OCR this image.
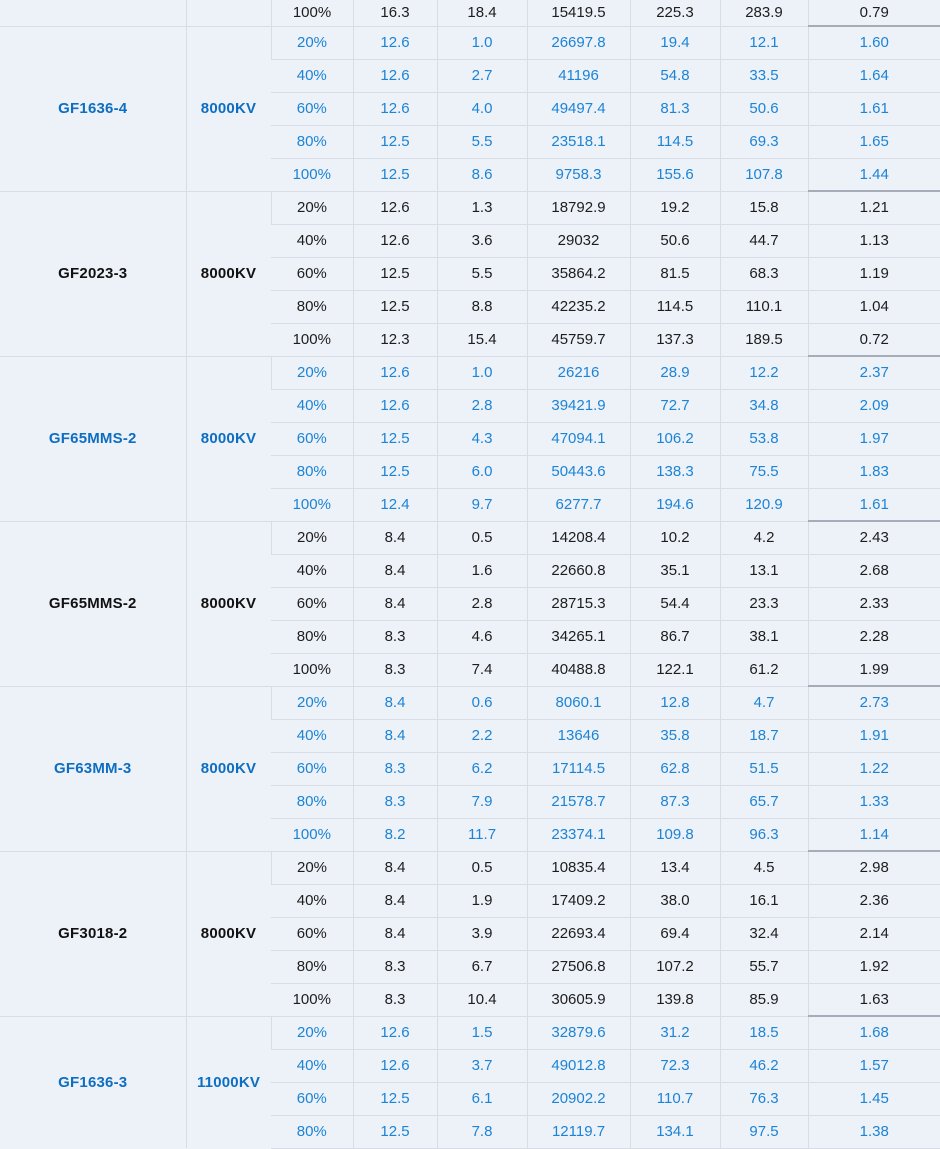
		100%	16.3	18.4	15419.5	225.3	283.9	0.79
GF1636-4	8000KV	20%	12.6	1.0	26697.8	19.4	12.1	1.60
		40%	12.6	2.7	41196	54.8	33.5	1.64
		60%	12.6	4.0	49497.4	81.3	50.6	1.61
		80%	12.5	5.5	23518.1	114.5	69.3	1.65
		100%	12.5	8.6	9758.3	155.6	107.8	1.44
GF2023-3	8000KV	20%	12.6	1.3	18792.9	19.2	15.8	1.21
		40%	12.6	3.6	29032	50.6	44.7	1.13
		60%	12.5	5.5	35864.2	81.5	68.3	1.19
		80%	12.5	8.8	42235.2	114.5	110.1	1.04
		100%	12.3	15.4	45759.7	137.3	189.5	0.72
GF65MMS-2	8000KV	20%	12.6	1.0	26216	28.9	12.2	2.37
		40%	12.6	2.8	39421.9	72.7	34.8	2.09
		60%	12.5	4.3	47094.1	106.2	53.8	1.97
		80%	12.5	6.0	50443.6	138.3	75.5	1.83
		100%	12.4	9.7	6277.7	194.6	120.9	1.61
GF65MMS-2	8000KV	20%	8.4	0.5	14208.4	10.2	4.2	2.43
		40%	8.4	1.6	22660.8	35.1	13.1	2.68
		60%	8.4	2.8	28715.3	54.4	23.3	2.33
		80%	8.3	4.6	34265.1	86.7	38.1	2.28
		100%	8.3	7.4	40488.8	122.1	61.2	1.99
GF63MM-3	8000KV	20%	8.4	0.6	8060.1	12.8	4.7	2.73
		40%	8.4	2.2	13646	35.8	18.7	1.91
		60%	8.3	6.2	17114.5	62.8	51.5	1.22
		80%	8.3	7.9	21578.7	87.3	65.7	1.33
		100%	8.2	11.7	23374.1	109.8	96.3	1.14
GF3018-2	8000KV	20%	8.4	0.5	10835.4	13.4	4.5	2.98
		40%	8.4	1.9	17409.2	38.0	16.1	2.36
		60%	8.4	3.9	22693.4	69.4	32.4	2.14
		80%	8.3	6.7	27506.8	107.2	55.7	1.92
		100%	8.3	10.4	30605.9	139.8	85.9	1.63
GF1636-3	11000KV	20%	12.6	1.5	32879.6	31.2	18.5	1.68
		40%	12.6	3.7	49012.8	72.3	46.2	1.57
		60%	12.5	6.1	20902.2	110.7	76.3	1.45
		80%	12.5	7.8	12119.7	134.1	97.5	1.38
